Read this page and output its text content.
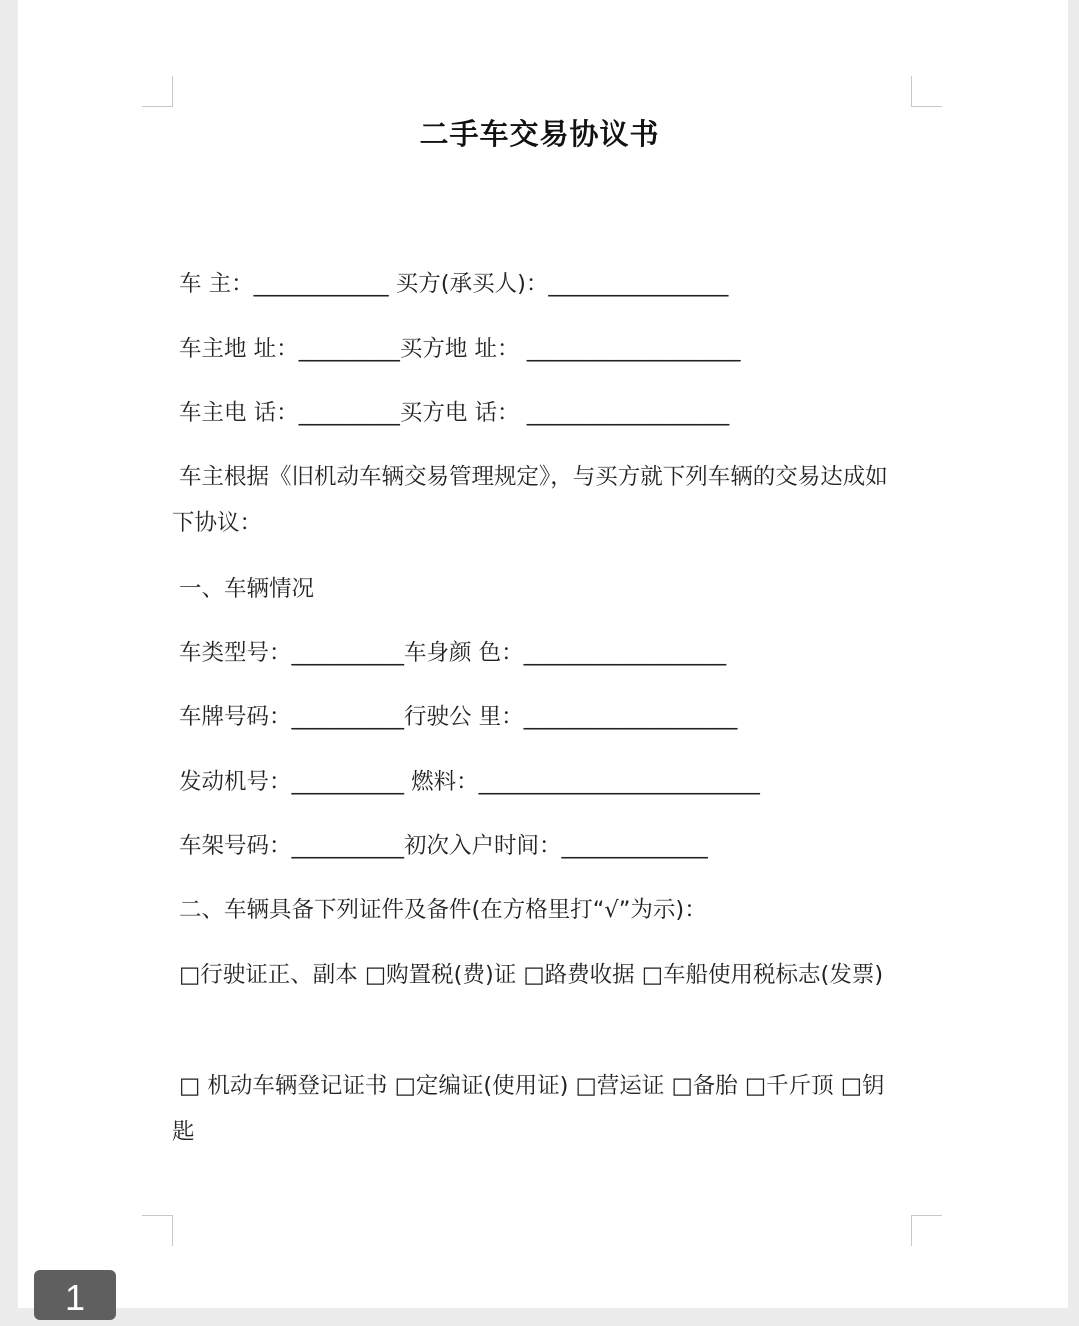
二手车交易协议书
车 主：____________ 买方(承买人)：________________
车主地 址：_________买方地 址： ___________________
车主电 话：_________买方电 话： __________________
车主根据《旧机动车辆交易管理规定》，与买方就下列车辆的交易达成如下协议：
一、车辆情况
车类型号：__________车身颜 色：__________________
车牌号码：__________行驶公 里：___________________
发动机号：__________ 燃料：_________________________
车架号码：__________初次入户时间：_____________
二、车辆具备下列证件及备件(在方格里打“√”为示)：
□行驶证正、副本 □购置税(费)证 □路费收据 □车船使用税标志(发票)
□ 机动车辆登记证书 □定编证(使用证) □营运证 □备胎 □千斤顶 □钥匙
1
